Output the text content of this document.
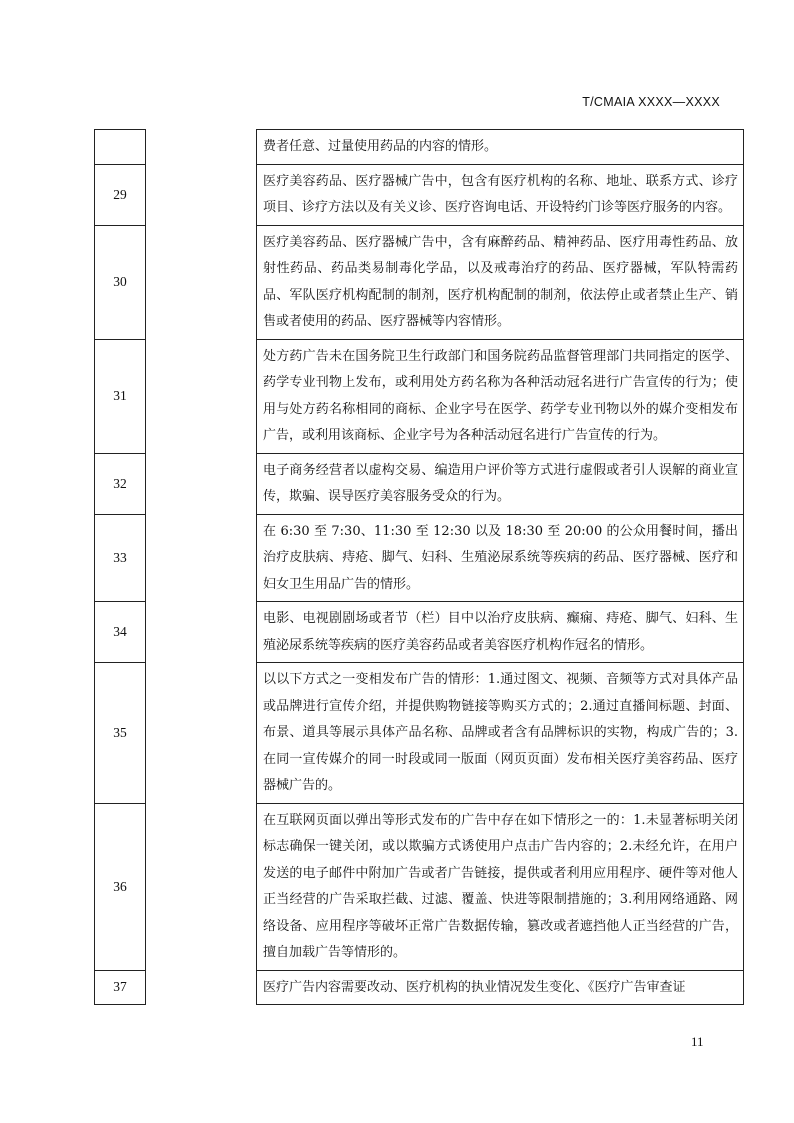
T/CMAIA XXXX—XXXX
		费者任意、过量使用药品的内容的情形。
29		医疗美容药品、医疗器械广告中，包含有医疗机构的名称、地址、联系方式、诊疗项目、诊疗方法以及有关义诊、医疗咨询电话、开设特约门诊等医疗服务的内容。
30		医疗美容药品、医疗器械广告中，含有麻醉药品、精神药品、医疗用毒性药品、放射性药品、药品类易制毒化学品，以及戒毒治疗的药品、医疗器械，军队特需药品、军队医疗机构配制的制剂，医疗机构配制的制剂，依法停止或者禁止生产、销售或者使用的药品、医疗器械等内容情形。
31		处方药广告未在国务院卫生行政部门和国务院药品监督管理部门共同指定的医学、药学专业刊物上发布，或利用处方药名称为各种活动冠名进行广告宣传的行为；使用与处方药名称相同的商标、企业字号在医学、药学专业刊物以外的媒介变相发布广告，或利用该商标、企业字号为各种活动冠名进行广告宣传的行为。
32		电子商务经营者以虚构交易、编造用户评价等方式进行虚假或者引人误解的商业宣传，欺骗、误导医疗美容服务受众的行为。
33		在 6:30 至 7:30、11:30 至 12:30 以及 18:30 至 20:00 的公众用餐时间，播出治疗皮肤病、痔疮、脚气、妇科、生殖泌尿系统等疾病的药品、医疗器械、医疗和妇女卫生用品广告的情形。
34		电影、电视剧剧场或者节（栏）目中以治疗皮肤病、癫痫、痔疮、脚气、妇科、生殖泌尿系统等疾病的医疗美容药品或者美容医疗机构作冠名的情形。
35		以以下方式之一变相发布广告的情形：1.通过图文、视频、音频等方式对具体产品或品牌进行宣传介绍，并提供购物链接等购买方式的；2.通过直播间标题、封面、布景、道具等展示具体产品名称、品牌或者含有品牌标识的实物，构成广告的；3.在同一宣传媒介的同一时段或同一版面（网页页面）发布相关医疗美容药品、医疗器械广告的。
36		在互联网页面以弹出等形式发布的广告中存在如下情形之一的：1.未显著标明关闭标志确保一键关闭，或以欺骗方式诱使用户点击广告内容的；2.未经允许，在用户发送的电子邮件中附加广告或者广告链接，提供或者利用应用程序、硬件等对他人正当经营的广告采取拦截、过滤、覆盖、快进等限制措施的；3.利用网络通路、网络设备、应用程序等破坏正常广告数据传输，篡改或者遮挡他人正当经营的广告，擅自加载广告等情形的。
37		医疗广告内容需要改动、医疗机构的执业情况发生变化、《医疗广告审查证
11
